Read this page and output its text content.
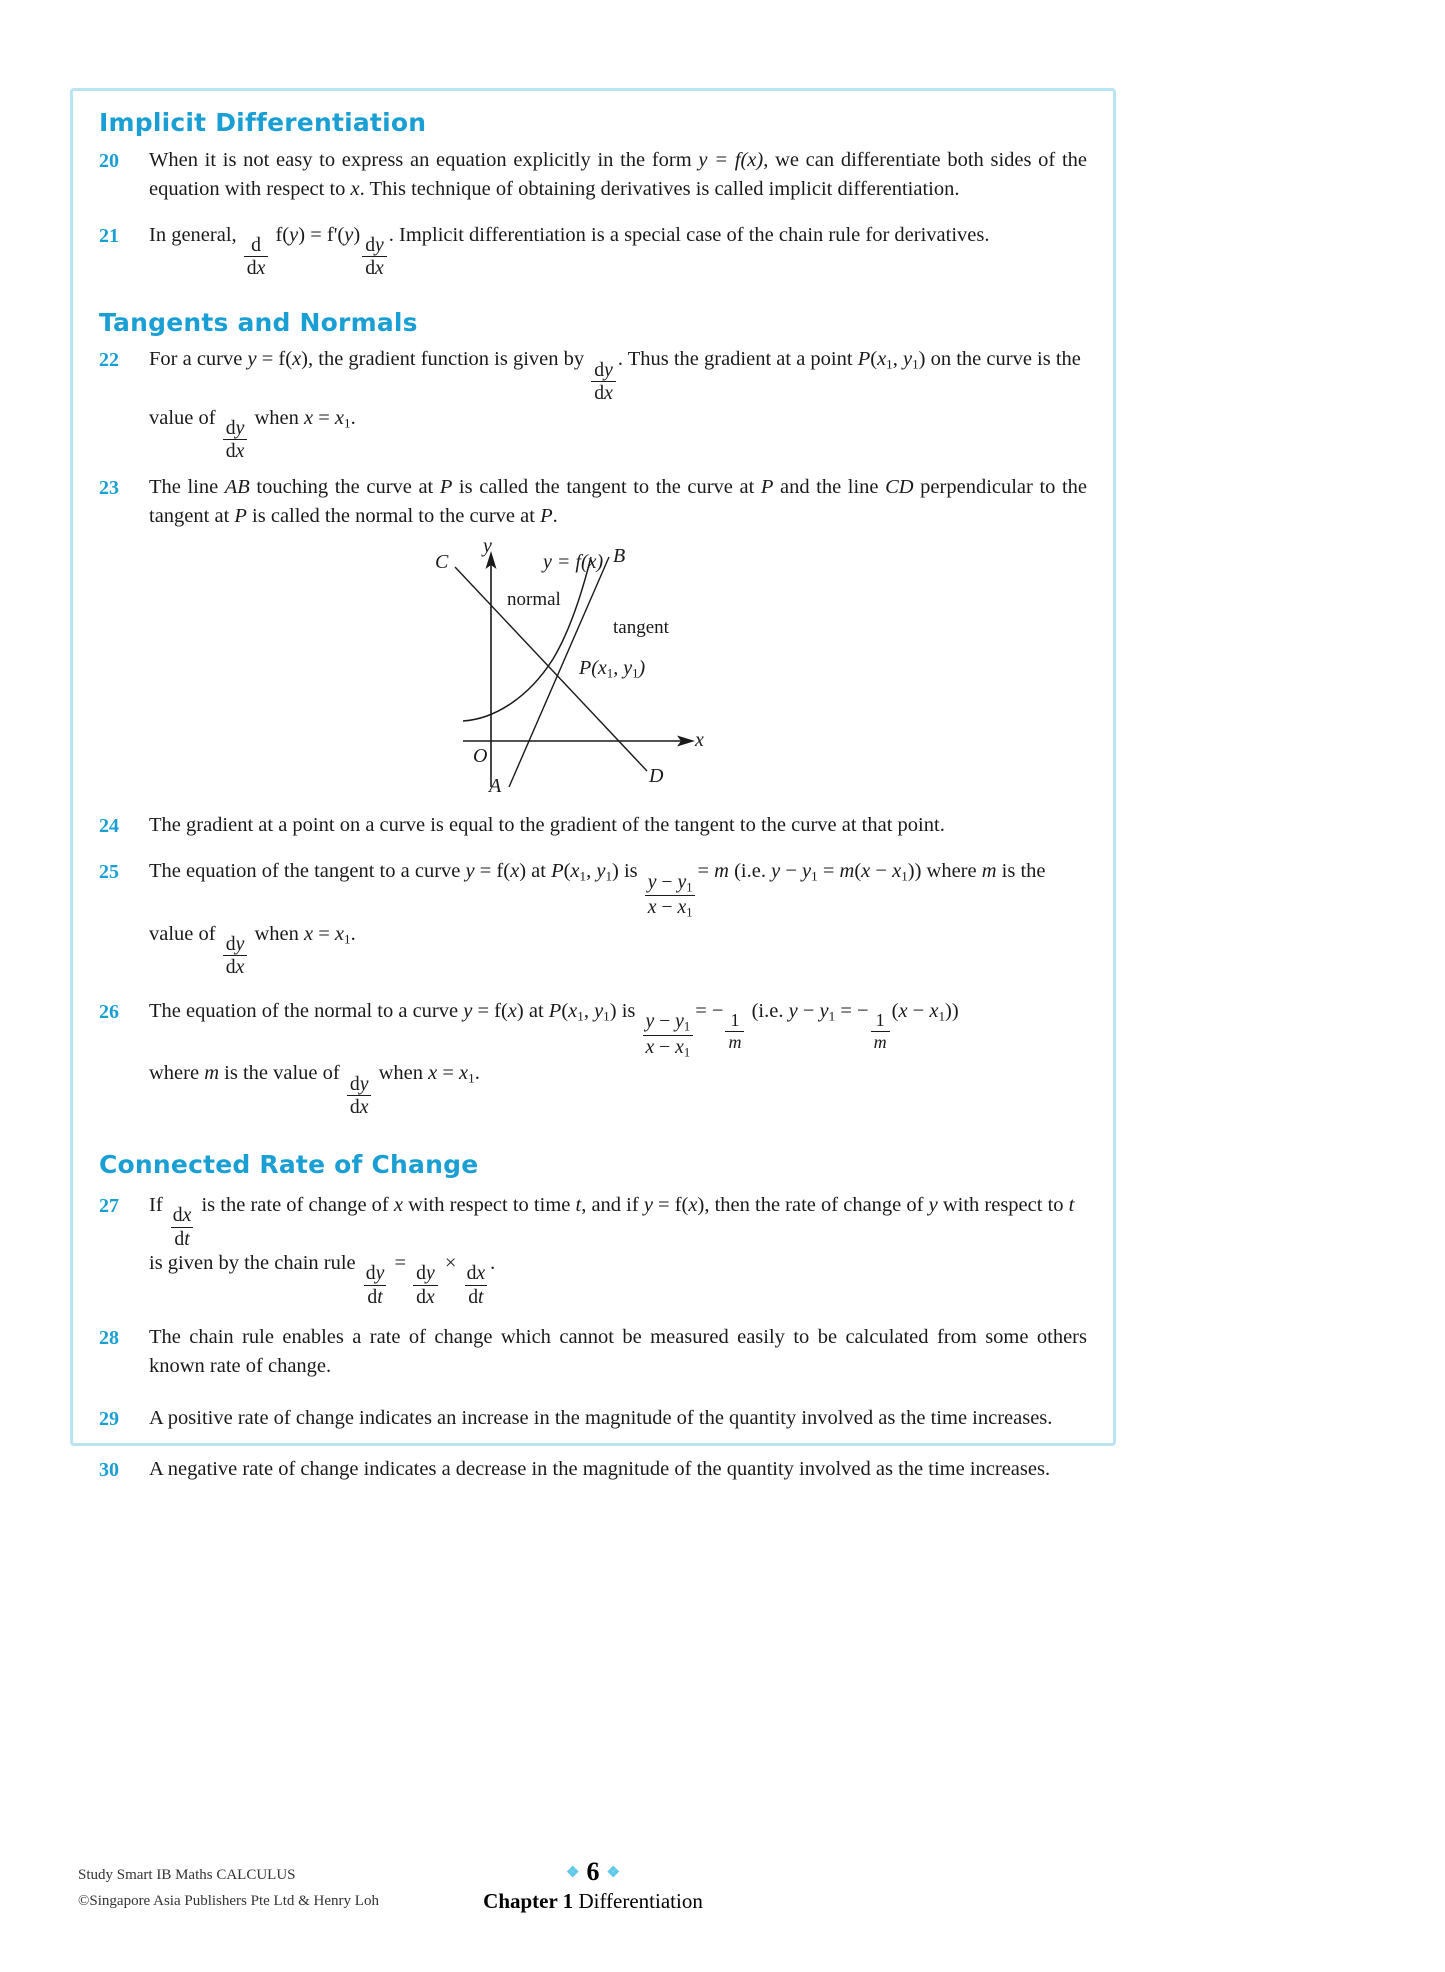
Implicit Differentiation
20	When it is not easy to express an equation explicitly in the form y = f(x), we can differentiate both sides of the equation with respect to x. This technique of obtaining derivatives is called implicit differentiation.
21	In general,
$\frac{d}{dx}$
f(y) = f'(y)
$\frac{dy}{dx}$
. Implicit differentiation is a special case of the chain rule for derivatives.
Tangents and Normals
22	For a curve y = f(x), the gradient function is given by
$\frac{dy}{dx}$
. Thus the gradient at a point $P(x_1$, $y_1$) on the curve is the value of
$\frac{dy}{dx}$
when $x = x_1$.
23	The line AB touching the curve at P is called the tangent to the curve at P and the line CD perpendicular to the tangent at P is called the normal to the curve at P.
y
x
O
C	B
A	D
y = f(x)
normal
tangent
$P(x_1$, $y_1$)
24	The gradient at a point on a curve is equal to the gradient of the tangent to the curve at that point.
25	The equation of the tangent to a curve y = f(x) at $P(x_1$, $y_1$) is
$\frac{y - y_1}{x - x_1}$
= m (i.e. $y - y_1 = m(x - x_1)$) where m is the value of
$\frac{dy}{dx}$
when $x = x_1$.
26	The equation of the normal to a curve y = f(x) at $P(x_1$, $y_1$) is
$\frac{y - y_1}{x - x_1}$
= −
$\frac{1}{m}$
(i.e. $y - y_1$ = −
$\frac{1}{m}$
$(x - x_1)$)
where m is the value of
$\frac{dy}{dx}$
when $x = x_1$.
Connected Rate of Change
27	If
$\frac{dx}{dt}$
is the rate of change of x with respect to time t, and if y = f(x), then the rate of change of y with respect to t is given by the chain rule
$\frac{dy}{dt}$
=
$\frac{dy}{dx}$
×
$\frac{dx}{dt}$
.
28	The chain rule enables a rate of change which cannot be measured easily to be calculated from some others known rate of change.
29	A positive rate of change indicates an increase in the magnitude of the quantity involved as the time increases.
30	A negative rate of change indicates a decrease in the magnitude of the quantity involved as the time increases.
Study Smart IB Maths CALCULUS
©Singapore Asia Publishers Pte Ltd & Henry Loh
❖ 6 ❖
Chapter 1 Differentiation
